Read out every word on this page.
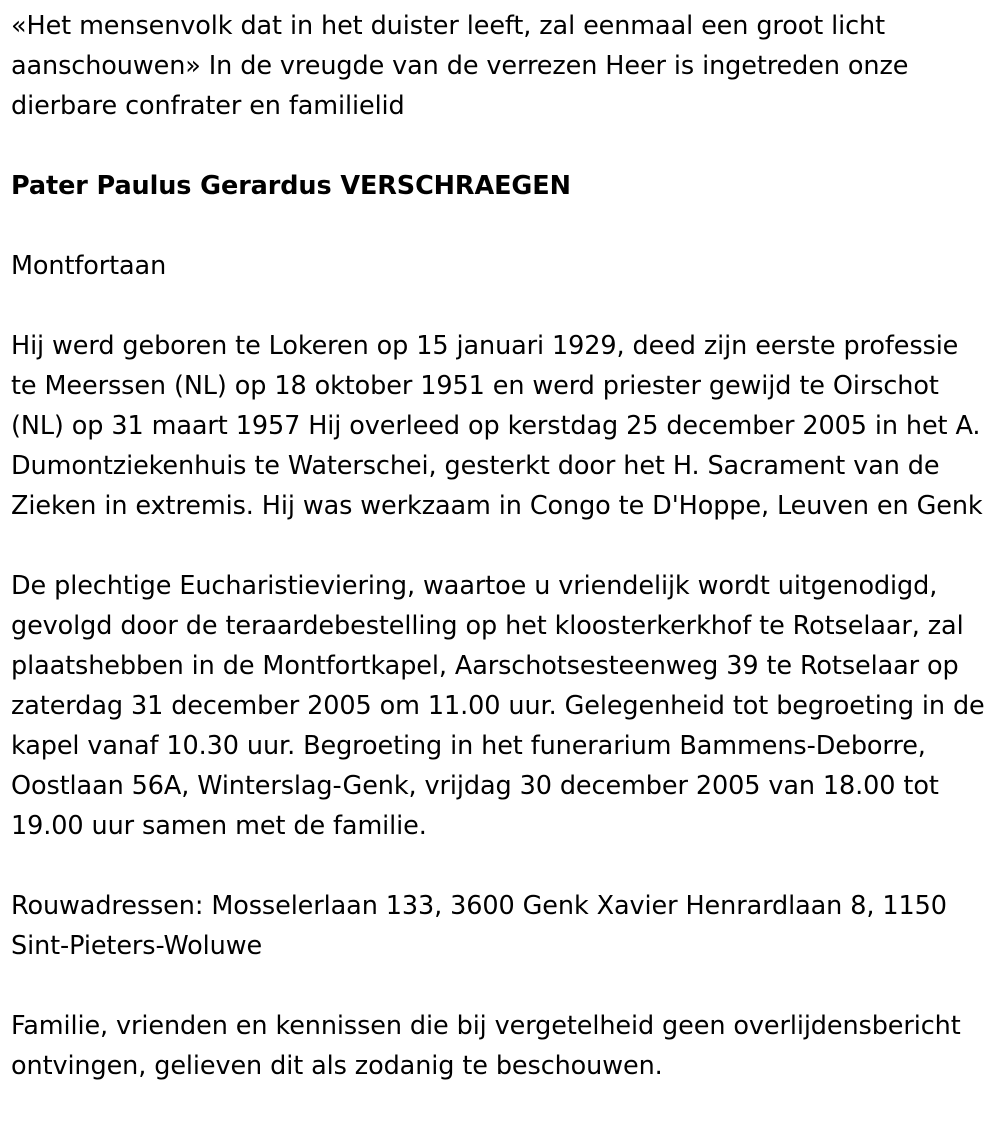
«Het mensenvolk dat in het duister leeft, zal eenmaal een groot licht aanschouwen» In de vreugde van de verrezen Heer is ingetreden onze dierbare confrater en familielid

Pater Paulus Gerardus VERSCHRAEGEN

Montfortaan

Hij werd geboren te Lokeren op 15 januari 1929, deed zijn eerste professie te Meerssen (NL) op 18 oktober 1951 en werd priester gewijd te Oirschot (NL) op 31 maart 1957 Hij overleed op kerstdag 25 december 2005 in het A. Dumontziekenhuis te Waterschei, gesterkt door het H. Sacrament van de Zieken in extremis. Hij was werkzaam in Congo te D'Hoppe, Leuven en Genk

De plechtige Eucharistieviering, waartoe u vriendelijk wordt uitgenodigd, gevolgd door de teraardebestelling op het kloosterkerkhof te Rotselaar, zal plaatshebben in de Montfortkapel, Aarschotsesteenweg 39 te Rotselaar op zaterdag 31 december 2005 om 11.00 uur. Gelegenheid tot begroeting in de kapel vanaf 10.30 uur. Begroeting in het funerarium Bammens-Deborre, Oostlaan 56A, Winterslag-Genk, vrijdag 30 december 2005 van 18.00 tot 19.00 uur samen met de familie.

Rouwadressen: Mosselerlaan 133, 3600 Genk Xavier Henrardlaan 8, 1150 Sint-Pieters-Woluwe

Familie, vrienden en kennissen die bij vergetelheid geen overlijdensbericht ontvingen, gelieven dit als zodanig te beschouwen.
